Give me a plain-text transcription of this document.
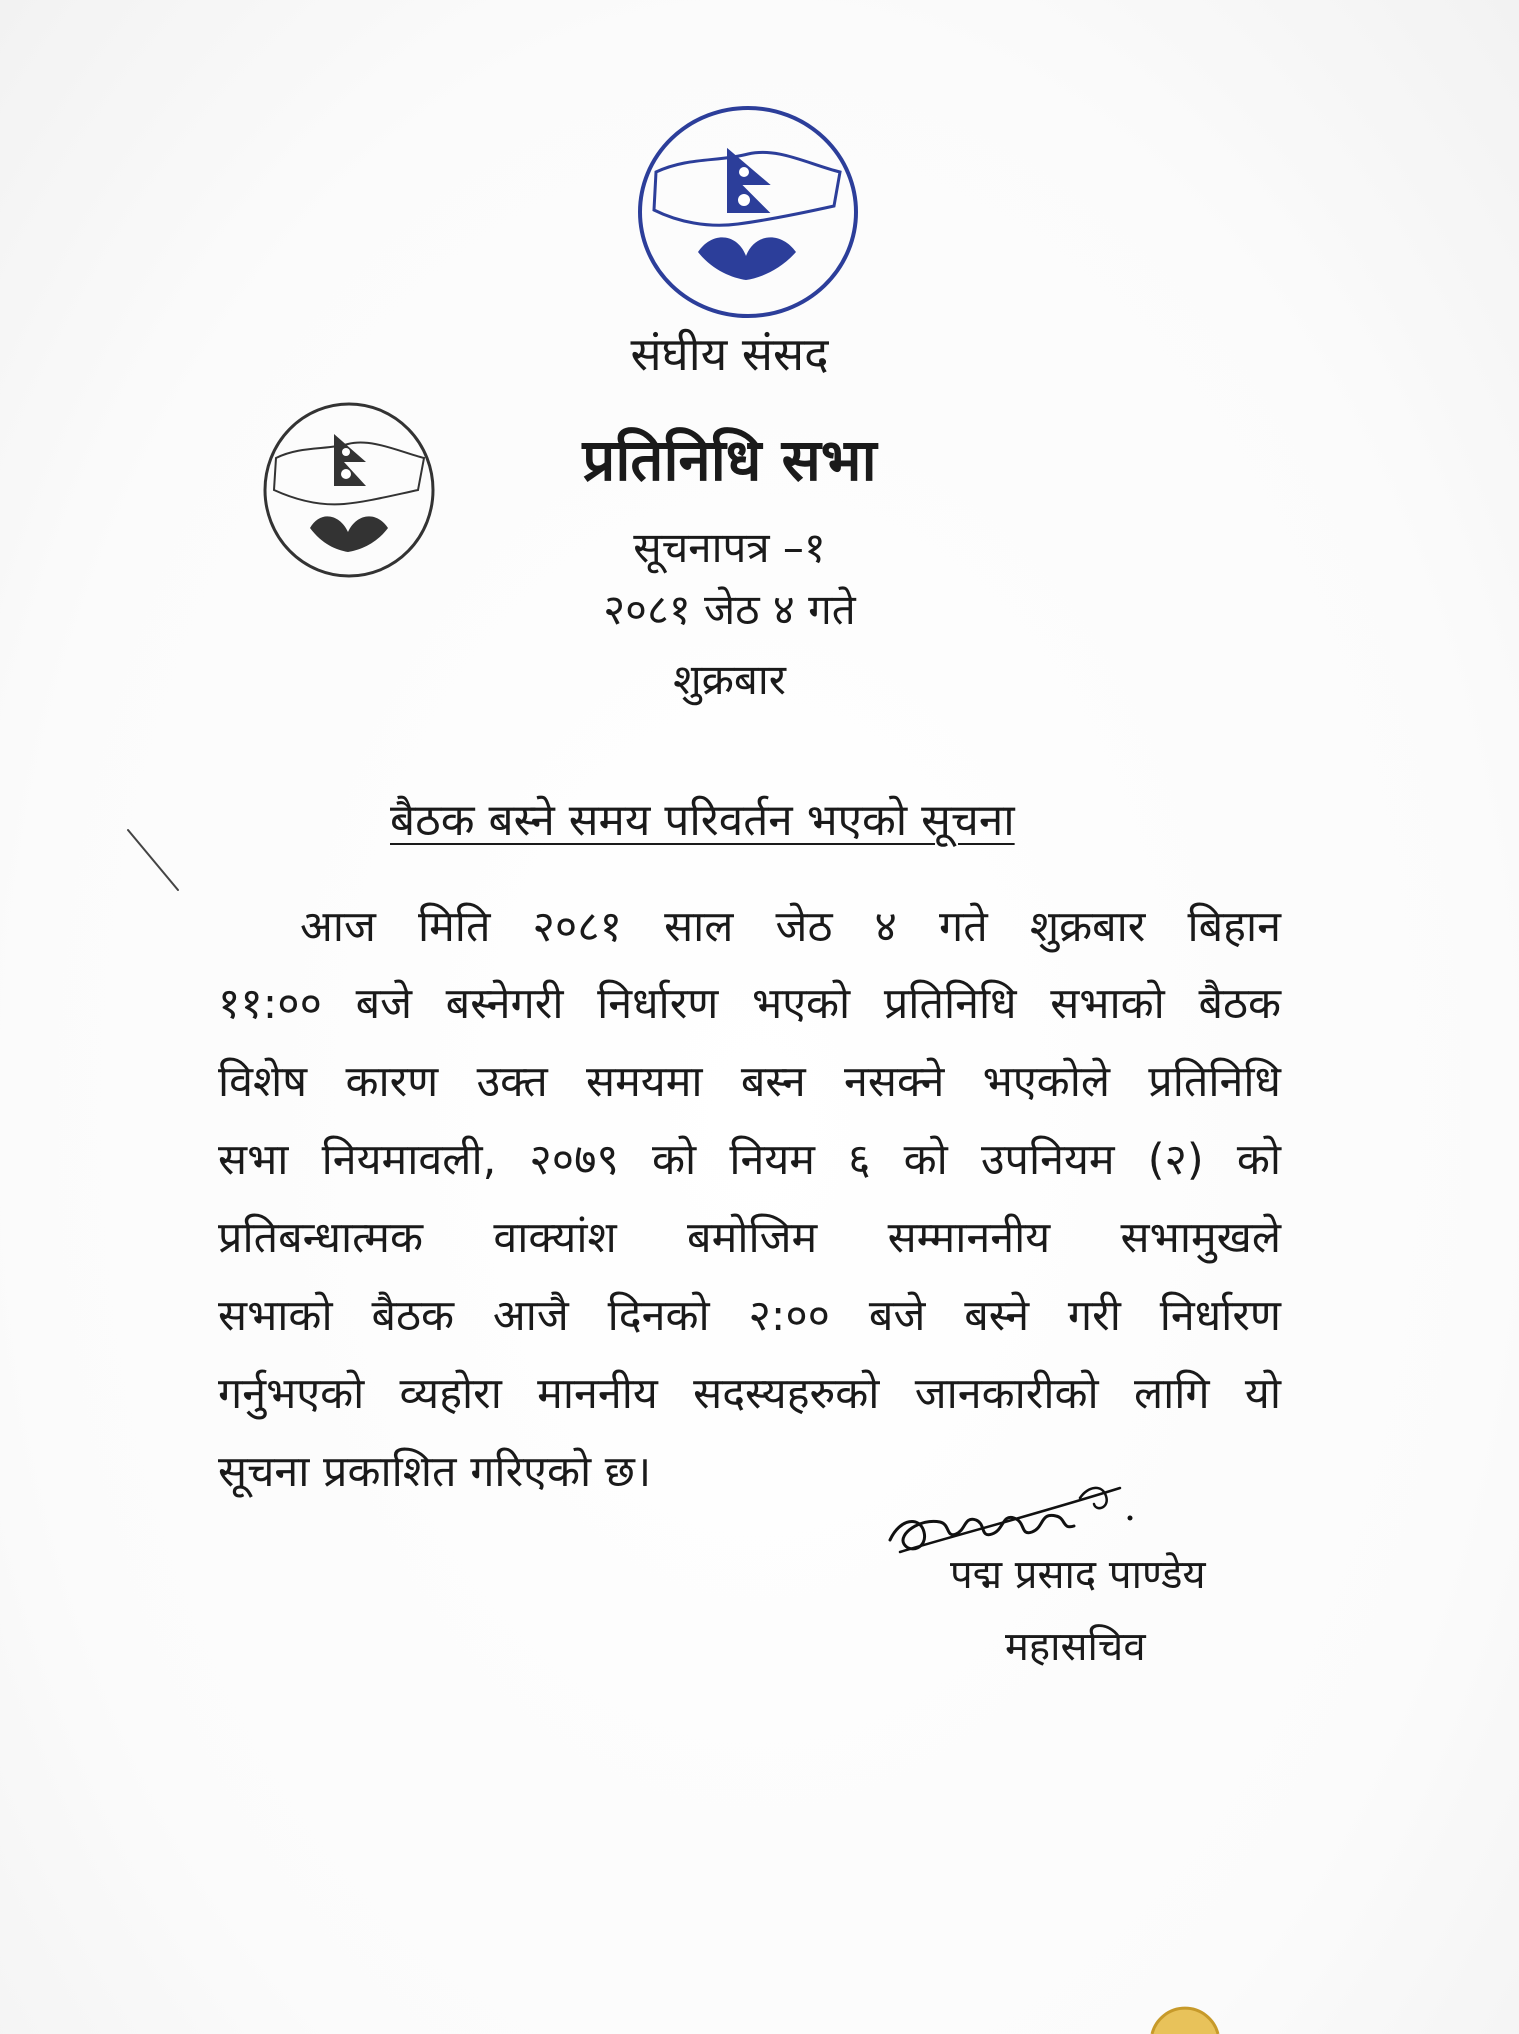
संघीय संसद
प्रतिनिधि सभा
सूचनापत्र –१
२०८१ जेठ ४ गते
शुक्रबार
बैठक बस्ने समय परिवर्तन भएको सूचना
आज मिति २०८१ साल जेठ ४ गते शुक्रबार बिहान
११:०० बजे बस्नेगरी निर्धारण भएको प्रतिनिधि सभाको बैठक
विशेष कारण उक्त समयमा बस्न नसक्ने भएकोले प्रतिनिधि
सभा नियमावली, २०७९ को नियम ६ को उपनियम (२) को
प्रतिबन्धात्मक वाक्यांश बमोजिम सम्माननीय सभामुखले
सभाको बैठक आजै दिनको २:०० बजे बस्ने गरी निर्धारण
गर्नुभएको व्यहोरा माननीय सदस्यहरुको जानकारीको लागि यो
सूचना प्रकाशित गरिएको छ।
पद्म प्रसाद पाण्डेय
महासचिव
